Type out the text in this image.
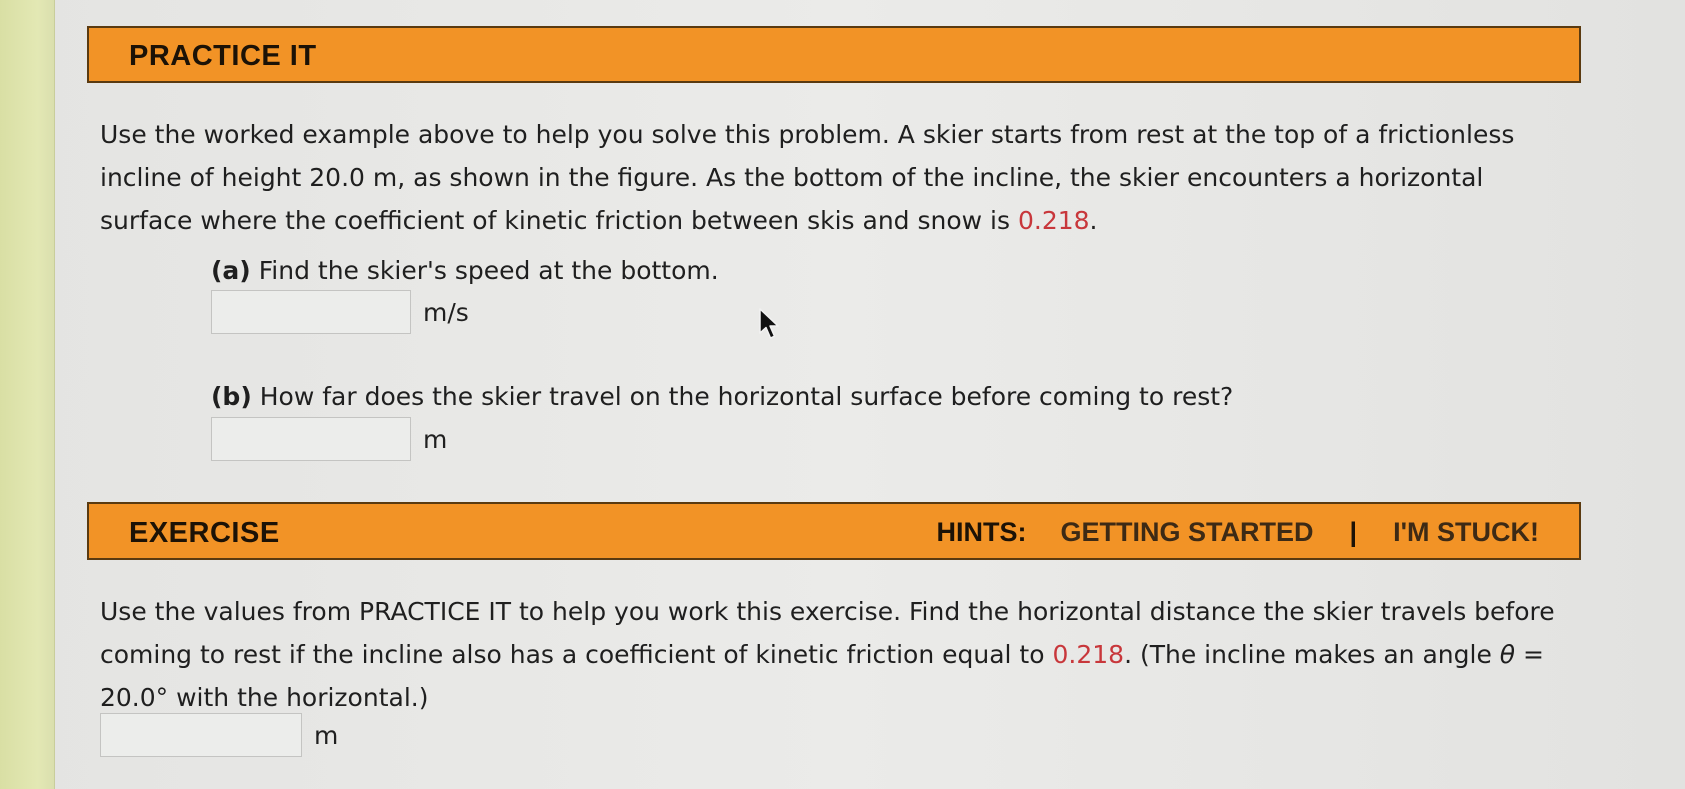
PRACTICE IT

Use the worked example above to help you solve this problem. A skier starts from rest at the top of a frictionless incline of height 20.0 m, as shown in the figure. As the bottom of the incline, the skier encounters a horizontal surface where the coefficient of kinetic friction between skis and snow is 0.218.

(a) Find the skier's speed at the bottom.
m/s
(b) How far does the skier travel on the horizontal surface before coming to rest?
m
EXERCISE	HINTS: GETTING STARTED | I'M STUCK!

Use the values from PRACTICE IT to help you work this exercise. Find the horizontal distance the skier travels before coming to rest if the incline also has a coefficient of kinetic friction equal to 0.218. (The incline makes an angle θ = 20.0° with the horizontal.)

m
